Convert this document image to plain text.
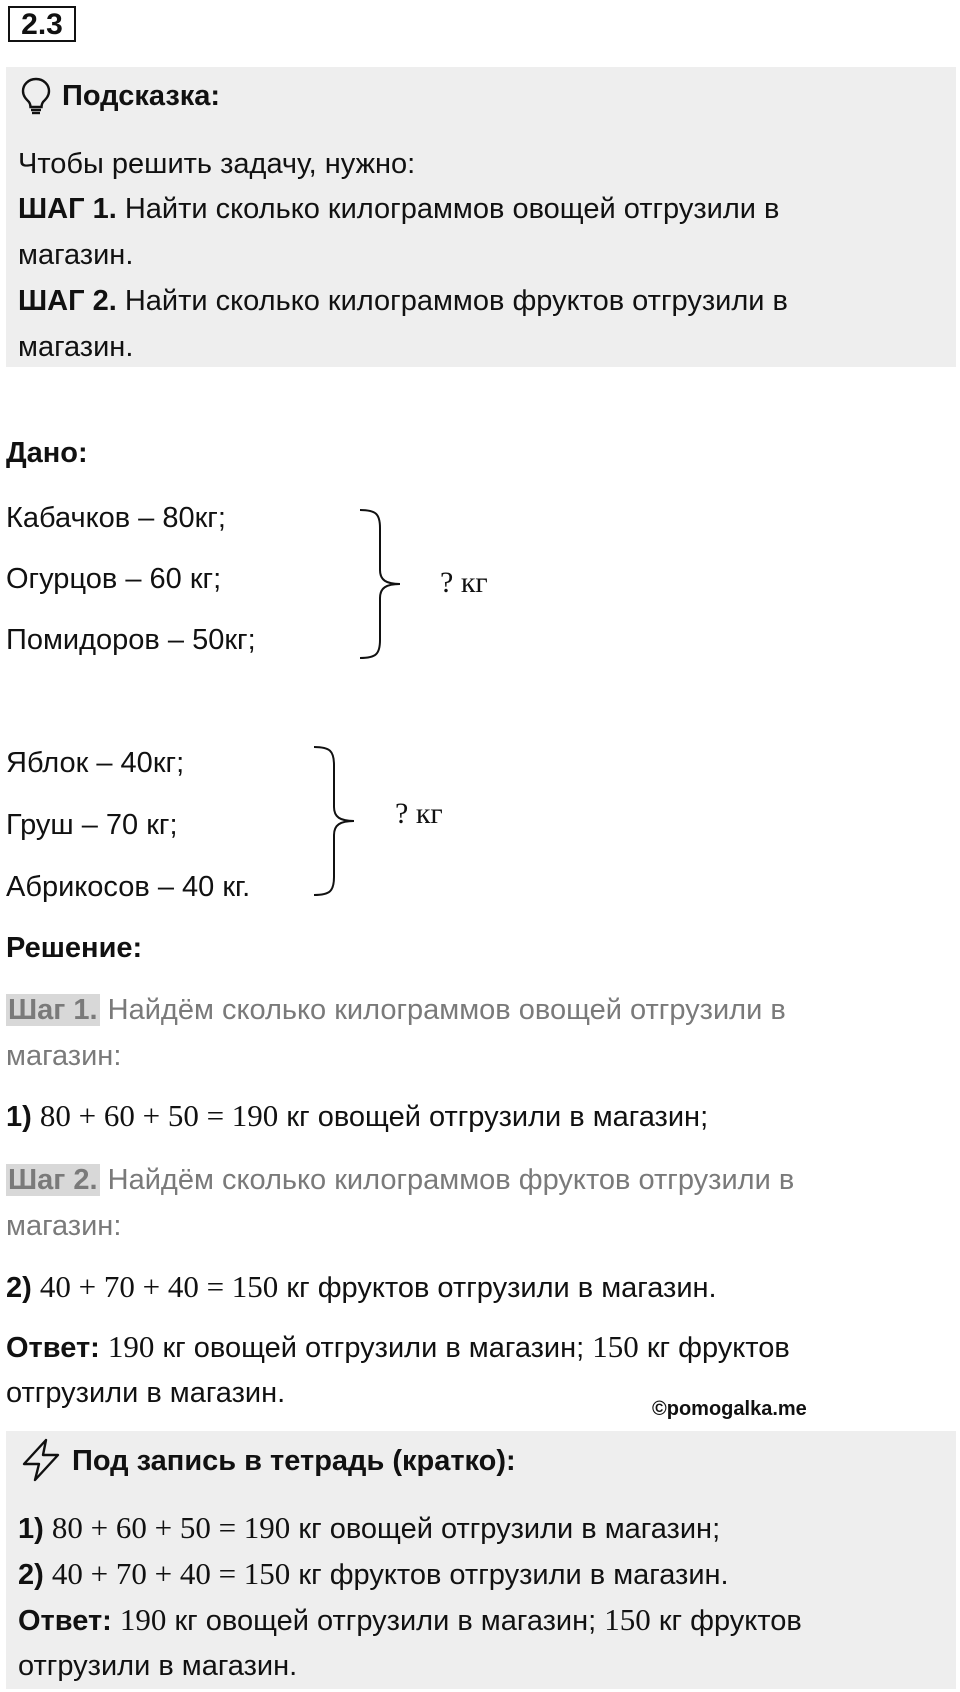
2.3
Подсказка:
Чтобы решить задачу, нужно:
ШАГ 1. Найти сколько килограммов овощей отгрузили в
магазин.
ШАГ 2. Найти сколько килограммов фруктов отгрузили в
магазин.
Дано:
Кабачков – 80кг;
Огурцов – 60 кг;
Помидоров – 50кг;
? кг
Яблок – 40кг;
Груш – 70 кг;
Абрикосов – 40 кг.
? кг
Решение:
Шаг 1. Найдём сколько килограммов овощей отгрузили в
магазин:
1) 80 + 60 + 50 = 190 кг овощей отгрузили в магазин;
Шаг 2. Найдём сколько килограммов фруктов отгрузили в
магазин:
2) 40 + 70 + 40 = 150 кг фруктов отгрузили в магазин.
Ответ: 190 кг овощей отгрузили в магазин; 150 кг фруктов
отгрузили в магазин.	©pomogalka.me
Под запись в тетрадь (кратко):
1) 80 + 60 + 50 = 190 кг овощей отгрузили в магазин;
2) 40 + 70 + 40 = 150 кг фруктов отгрузили в магазин.
Ответ: 190 кг овощей отгрузили в магазин; 150 кг фруктов
отгрузили в магазин.
